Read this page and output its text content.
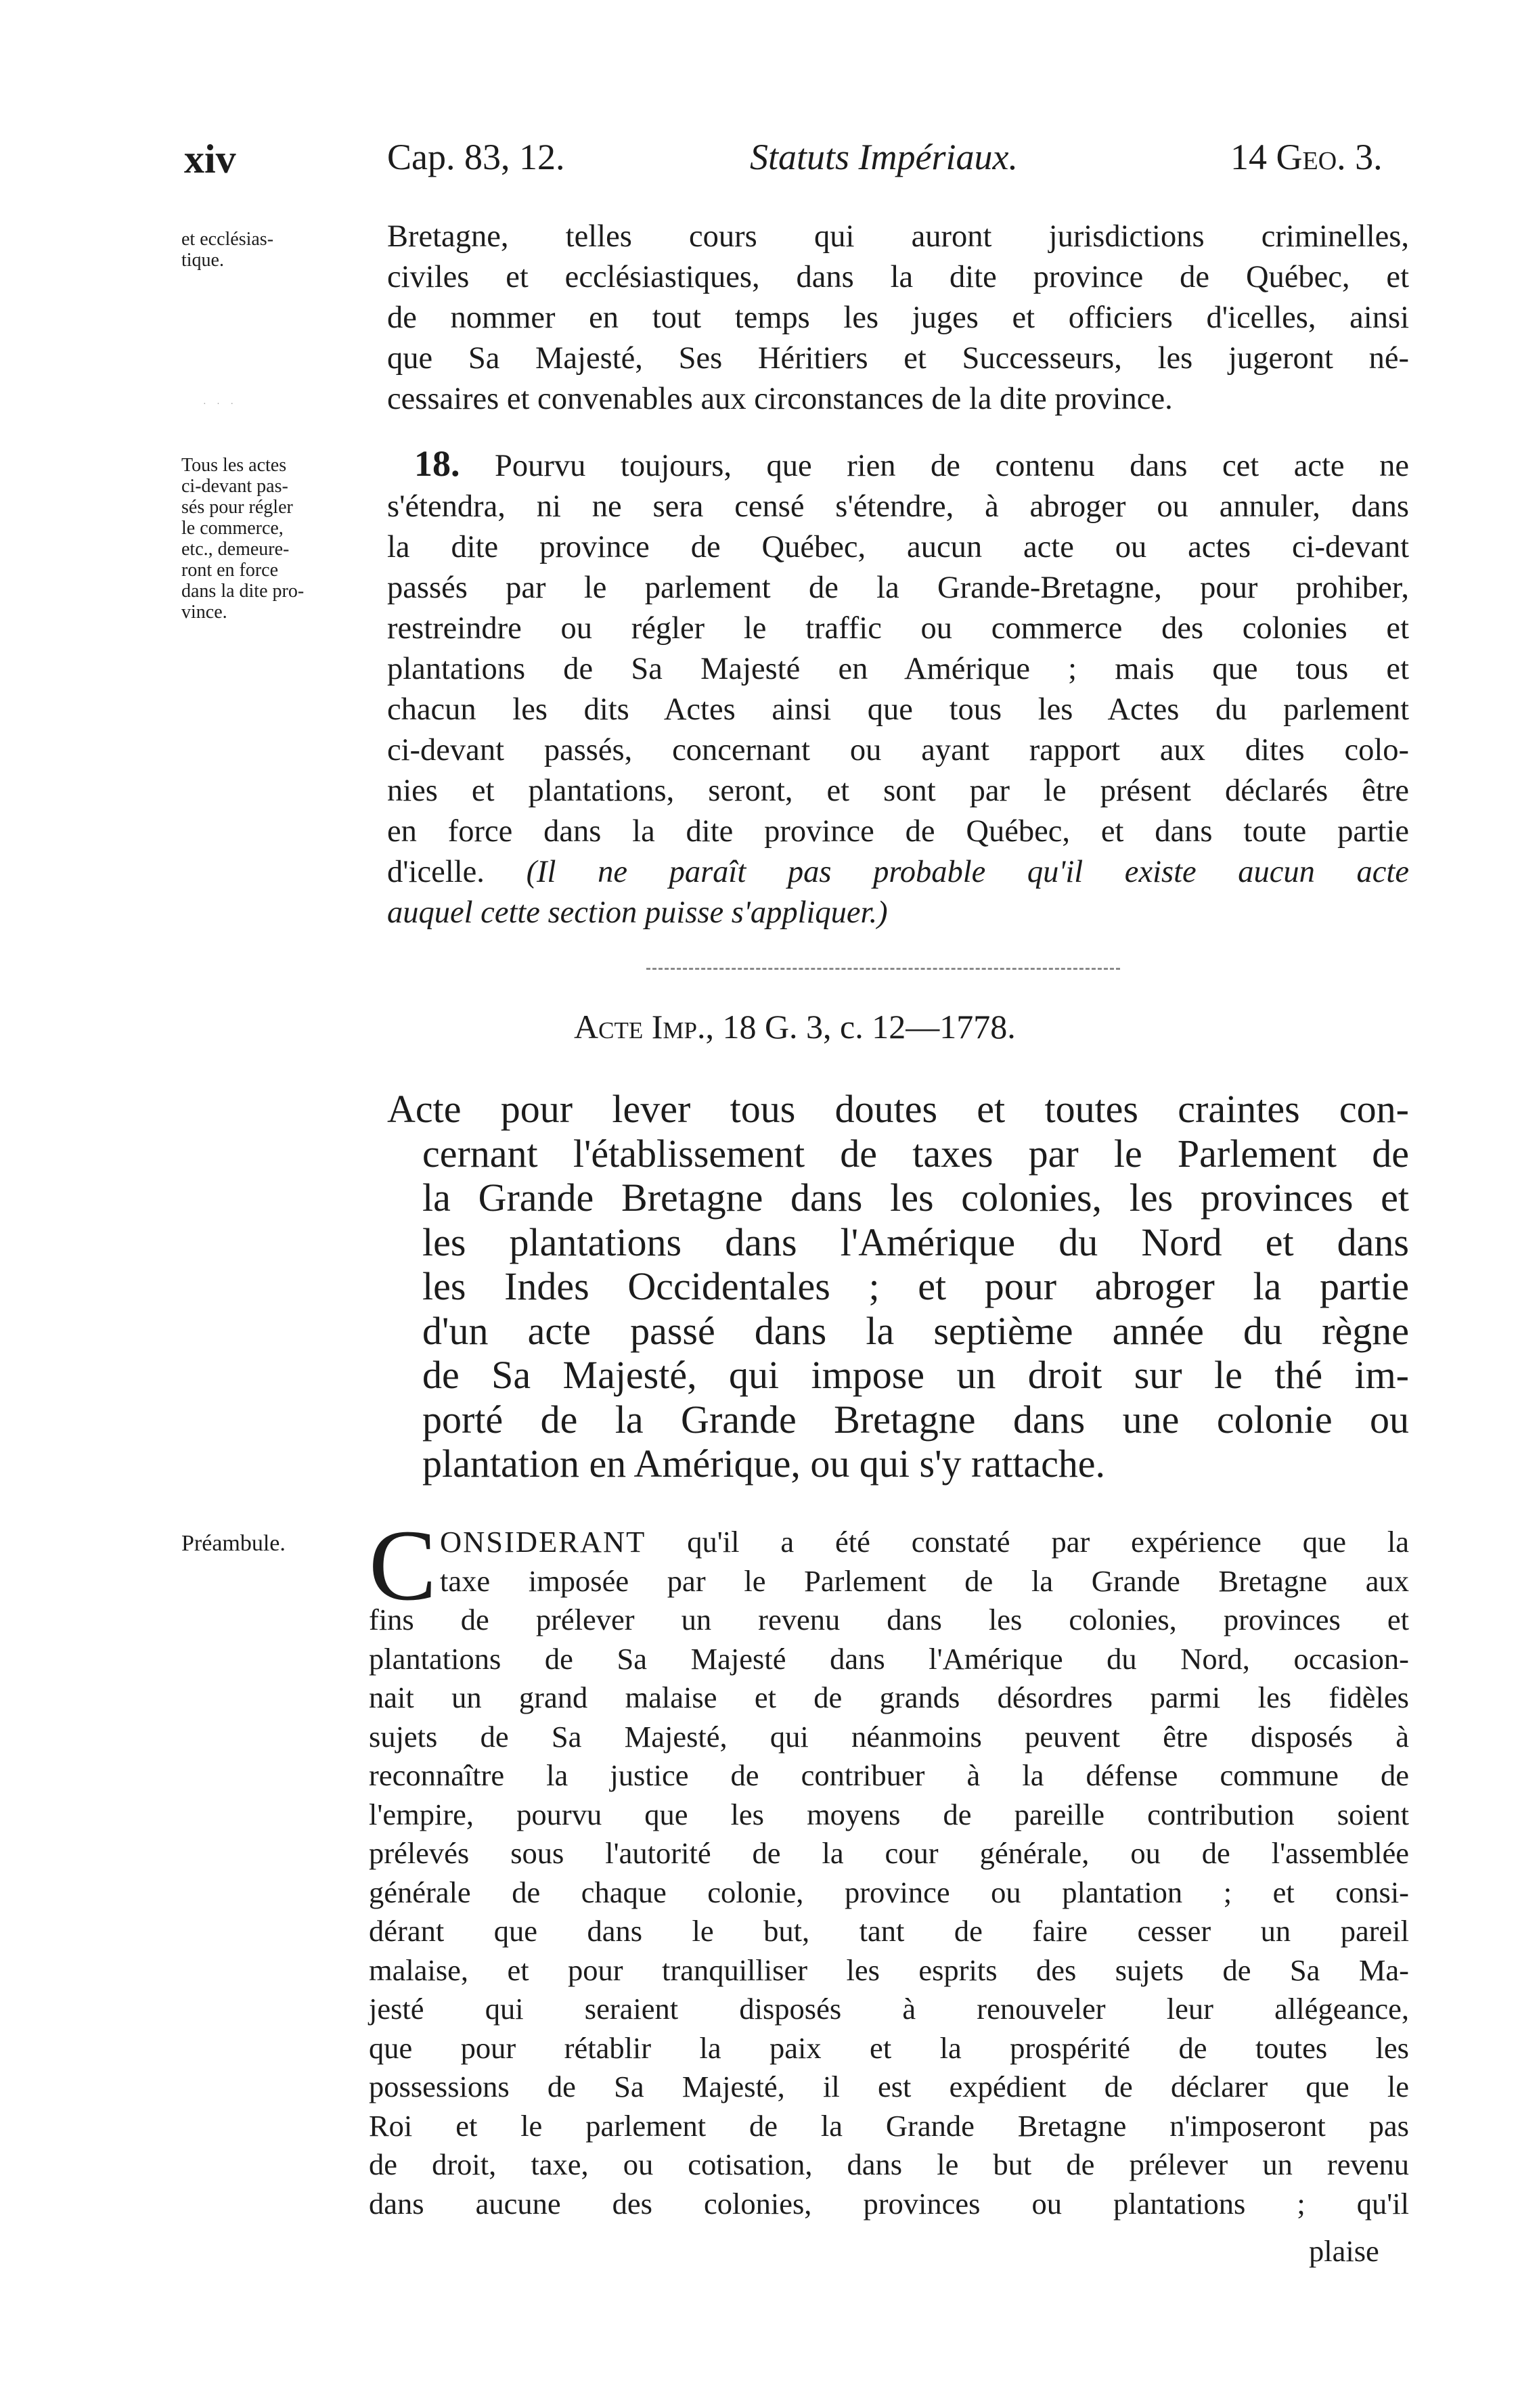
xiv	Cap. 83, 12.	Statuts Impériaux.	14 Geo. 3.
et ecclésias-
tique.
Bretagne, telles cours qui auront jurisdictions criminelles,
civiles et ecclésiastiques, dans la dite province de Québec, et
de nommer en tout temps les juges et officiers d'icelles, ainsi
que Sa Majesté, Ses Héritiers et Successeurs, les jugeront né-
cessaires et convenables aux circonstances de la dite province.
Tous les actes
ci-devant pas-
sés pour régler
le commerce,
etc., demeure-
ront en force
dans la dite pro-
vince.
18. Pourvu toujours, que rien de contenu dans cet acte ne
s'étendra, ni ne sera censé s'étendre, à abroger ou annuler, dans
la dite province de Québec, aucun acte ou actes ci-devant
passés par le parlement de la Grande-Bretagne, pour prohiber,
restreindre ou régler le traffic ou commerce des colonies et
plantations de Sa Majesté en Amérique ; mais que tous et
chacun les dits Actes ainsi que tous les Actes du parlement
ci-devant passés, concernant ou ayant rapport aux dites colo-
nies et plantations, seront, et sont par le présent déclarés être
en force dans la dite province de Québec, et dans toute partie
d'icelle. (Il ne paraît pas probable qu'il existe aucun acte
auquel cette section puisse s'appliquer.)
Acte Imp., 18 G. 3, c. 12—1778.
Acte pour lever tous doutes et toutes craintes con-
cernant l'établissement de taxes par le Parlement de
la Grande Bretagne dans les colonies, les provinces et
les plantations dans l'Amérique du Nord et dans
les Indes Occidentales ; et pour abroger la partie
d'un acte passé dans la septième année du règne
de Sa Majesté, qui impose un droit sur le thé im-
porté de la Grande Bretagne dans une colonie ou
plantation en Amérique, ou qui s'y rattache.
Préambule. C ONSIDERANT qu'il a été constaté par expérience que la
taxe imposée par le Parlement de la Grande Bretagne aux
fins de prélever un revenu dans les colonies, provinces et
plantations de Sa Majesté dans l'Amérique du Nord, occasion-
nait un grand malaise et de grands désordres parmi les fidèles
sujets de Sa Majesté, qui néanmoins peuvent être disposés à
reconnaître la justice de contribuer à la défense commune de
l'empire, pourvu que les moyens de pareille contribution soient
prélevés sous l'autorité de la cour générale, ou de l'assemblée
générale de chaque colonie, province ou plantation ; et consi-
dérant que dans le but, tant de faire cesser un pareil
malaise, et pour tranquilliser les esprits des sujets de Sa Ma-
jesté qui seraient disposés à renouveler leur allégeance,
que pour rétablir la paix et la prospérité de toutes les
possessions de Sa Majesté, il est expédient de déclarer que le
Roi et le parlement de la Grande Bretagne n'imposeront pas
de droit, taxe, ou cotisation, dans le but de prélever un revenu
dans aucune des colonies, provinces ou plantations ; qu'il
plaise
· · ·
